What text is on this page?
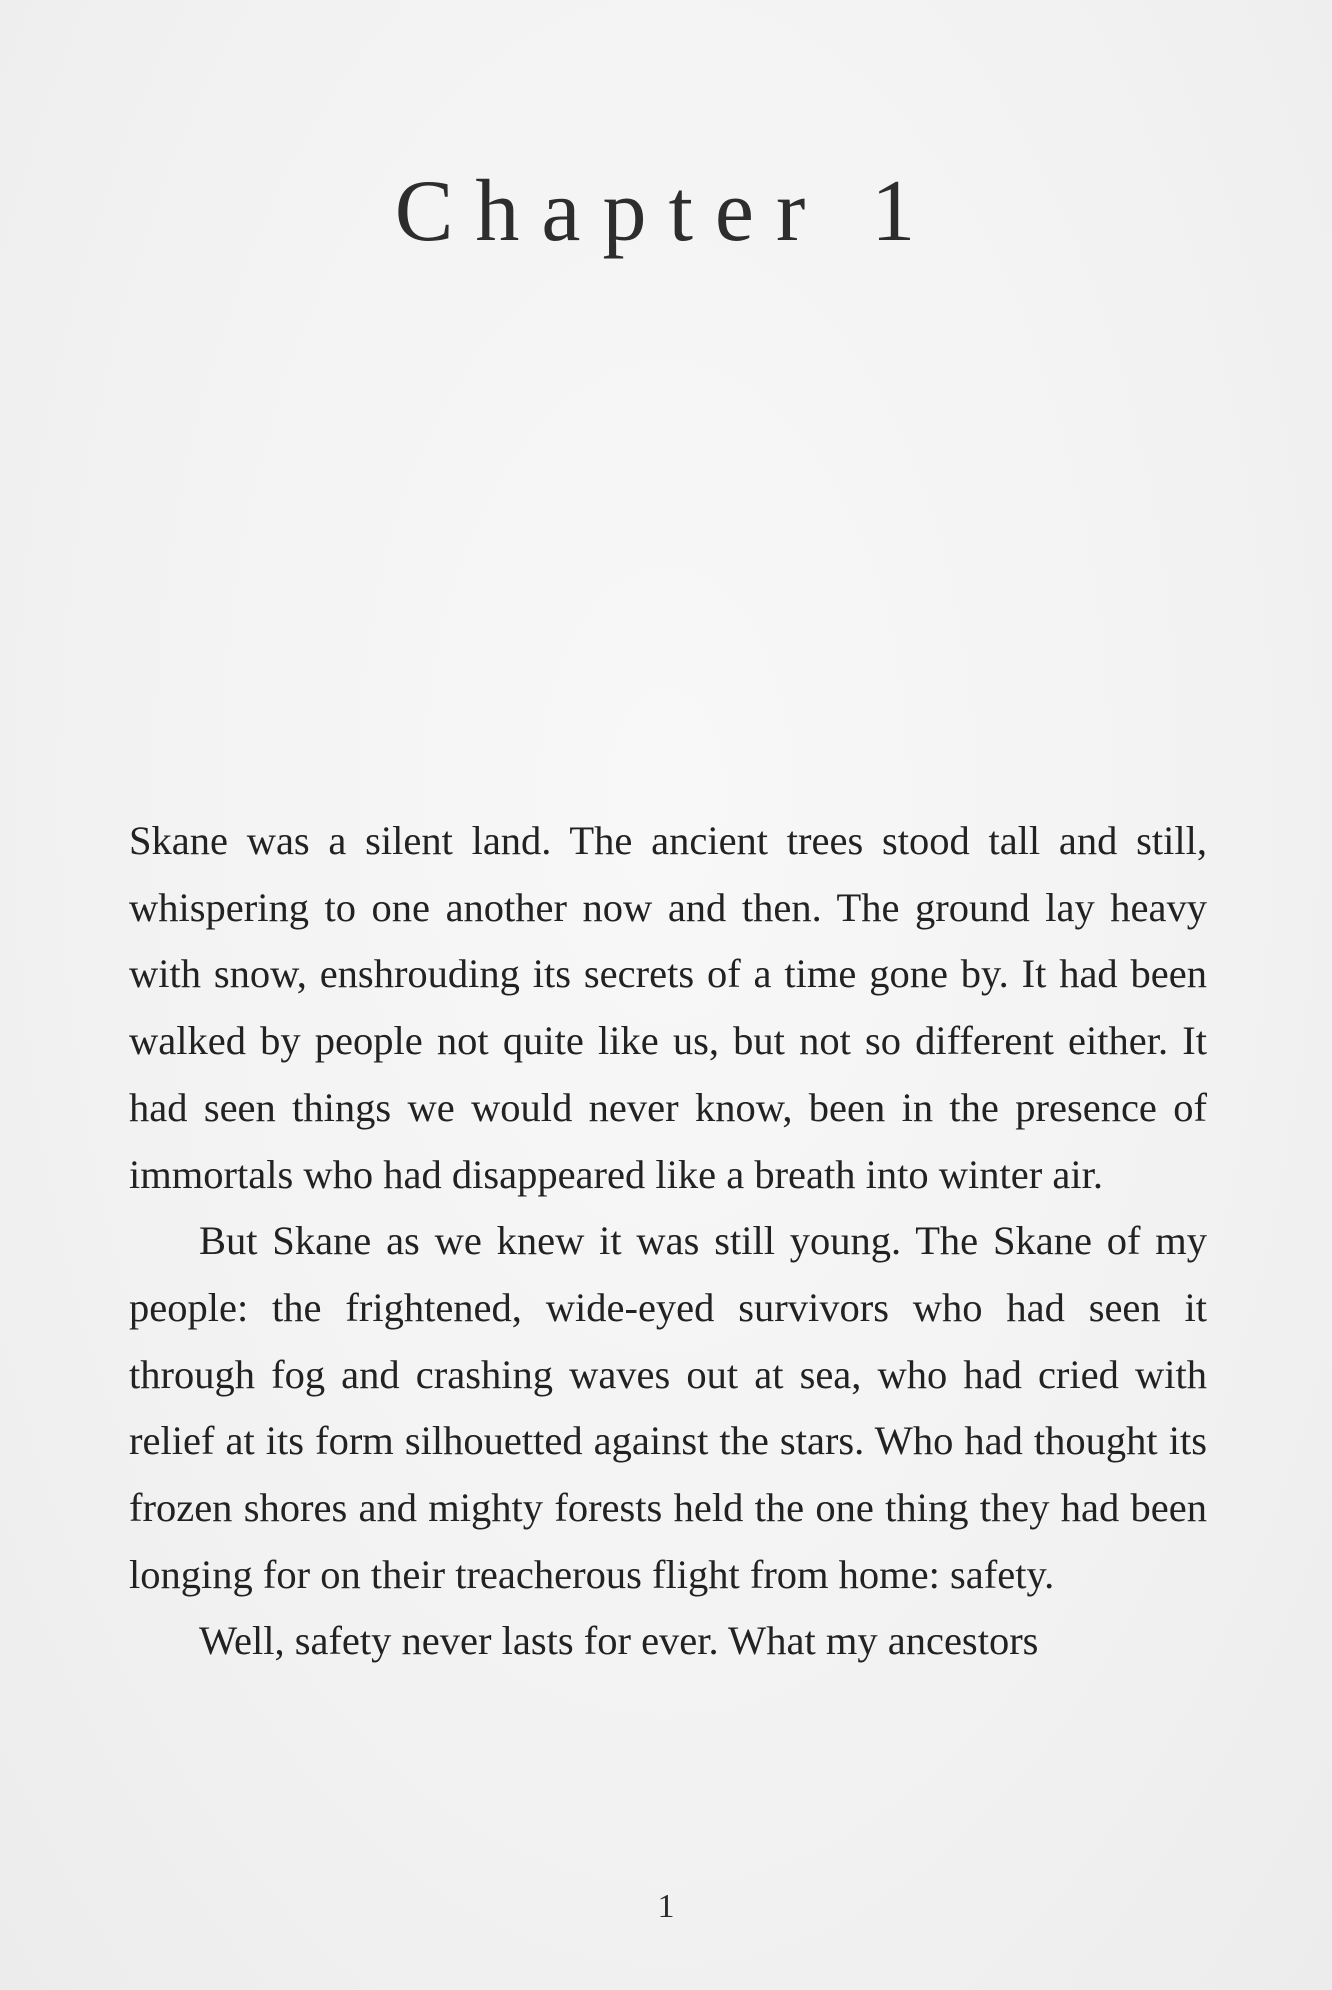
Chapter 1

Skane was a silent land. The ancient trees stood tall and still, whispering to one another now and then. The ground lay heavy with snow, enshrouding its secrets of a time gone by. It had been walked by people not quite like us, but not so different either. It had seen things we would never know, been in the presence of immortals who had disappeared like a breath into winter air.

But Skane as we knew it was still young. The Skane of my people: the frightened, wide-eyed survivors who had seen it through fog and crashing waves out at sea, who had cried with relief at its form silhouetted against the stars. Who had thought its frozen shores and mighty forests held the one thing they had been longing for on their treacherous flight from home: safety.

Well, safety never lasts for ever. What my ancestors

1
